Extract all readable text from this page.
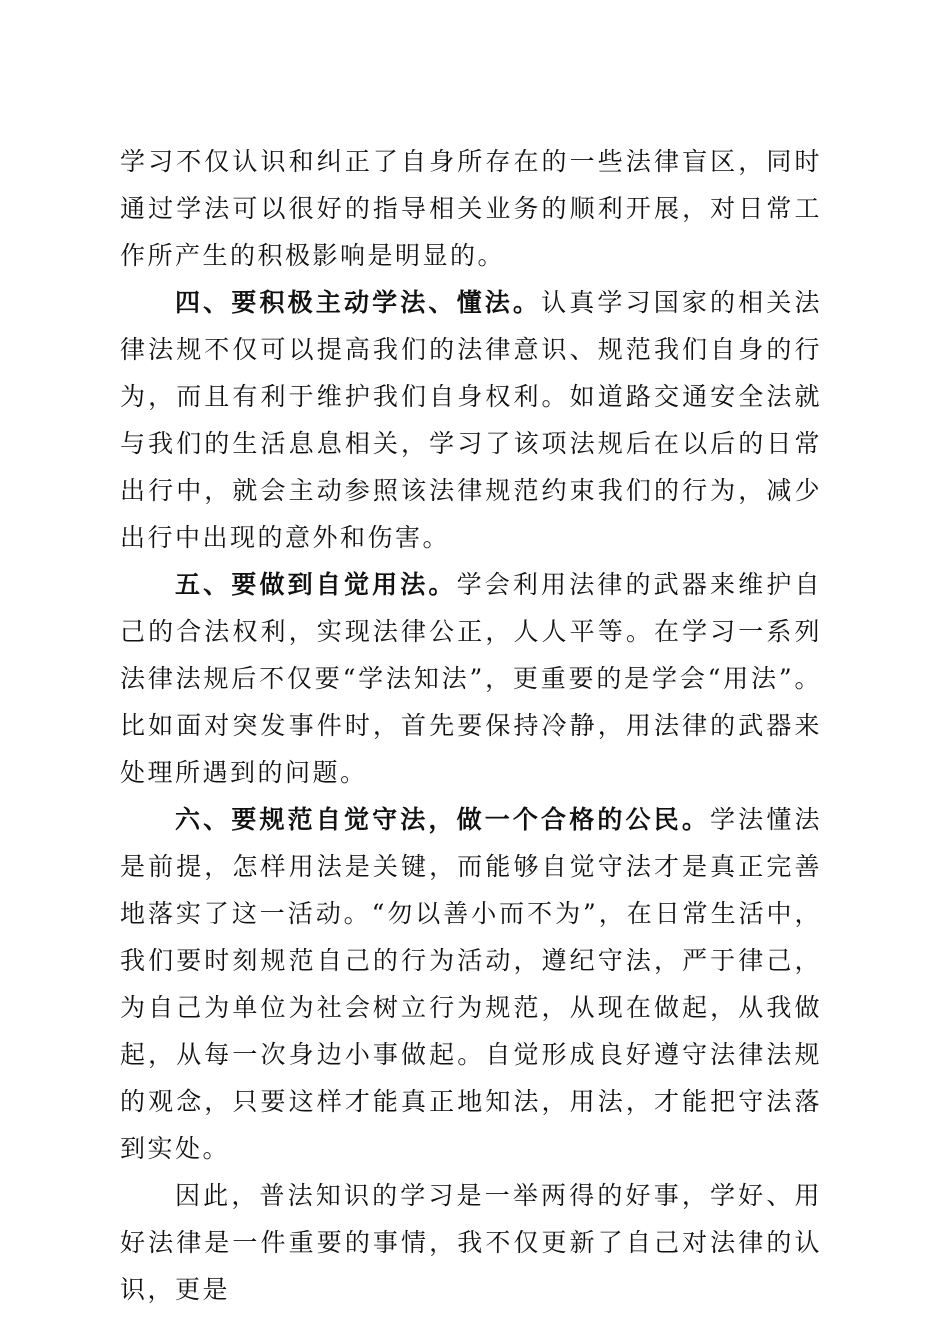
学习不仅认识和纠正了自身所存在的一些法律盲区，同时通过学法可以很好的指导相关业务的顺利开展，对日常工作所产生的积极影响是明显的。

四、要积极主动学法、懂法。认真学习国家的相关法律法规不仅可以提高我们的法律意识、规范我们自身的行为，而且有利于维护我们自身权利。如道路交通安全法就与我们的生活息息相关，学习了该项法规后在以后的日常出行中，就会主动参照该法律规范约束我们的行为，减少出行中出现的意外和伤害。

五、要做到自觉用法。学会利用法律的武器来维护自己的合法权利，实现法律公正，人人平等。在学习一系列法律法规后不仅要“学法知法”，更重要的是学会“用法”。比如面对突发事件时，首先要保持冷静，用法律的武器来处理所遇到的问题。

六、要规范自觉守法，做一个合格的公民。学法懂法是前提，怎样用法是关键，而能够自觉守法才是真正完善地落实了这一活动。“勿以善小而不为”，在日常生活中，我们要时刻规范自己的行为活动，遵纪守法，严于律己，为自己为单位为社会树立行为规范，从现在做起，从我做起，从每一次身边小事做起。自觉形成良好遵守法律法规的观念，只要这样才能真正地知法，用法，才能把守法落到实处。

因此，普法知识的学习是一举两得的好事，学好、用好法律是一件重要的事情，我不仅更新了自己对法律的认识，更是
